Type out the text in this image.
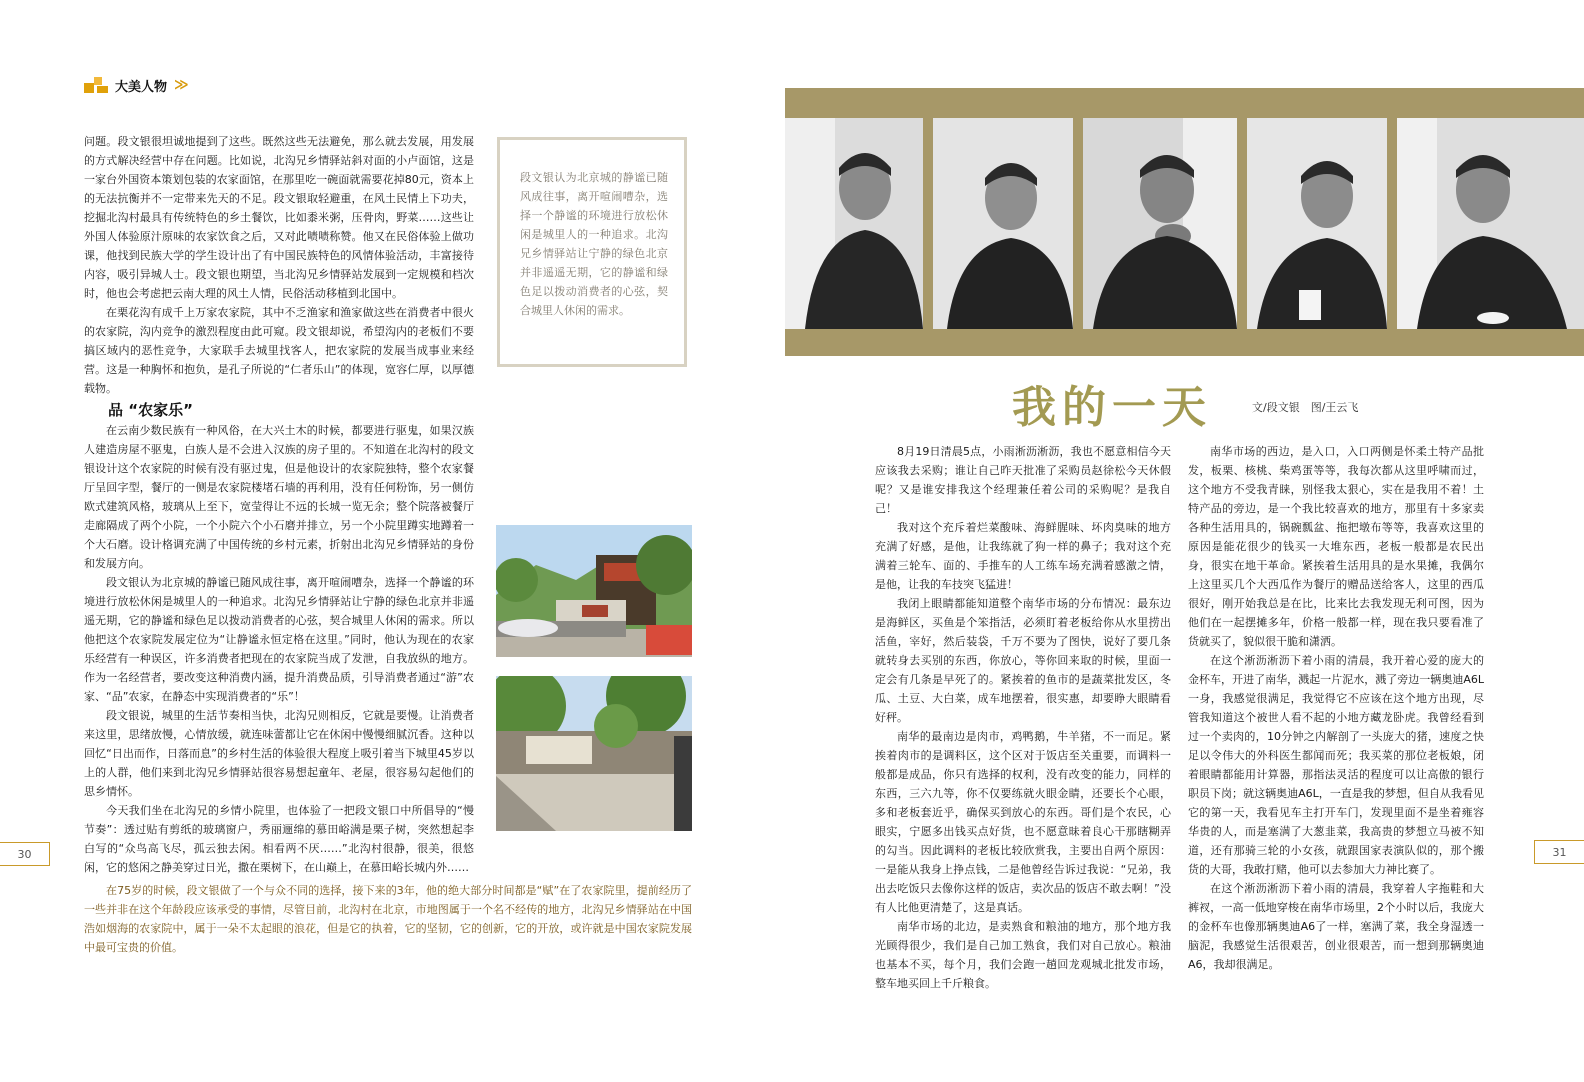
大美人物 ≫

问题。段文银很坦诚地提到了这些。既然这些无法避免，那么就去发展，用发展的方式解决经营中存在问题。比如说，北沟兄乡情驿站斜对面的小卢面馆，这是一家台外国资本策划包装的农家面馆，在那里吃一碗面就需要花掉80元，资本上的无法抗衡并不一定带来先天的不足。段文银取轻避重，在风土民情上下功夫，挖掘北沟村最具有传统特色的乡土餐饮，比如黍米粥，压骨肉，野菜……这些让外国人体验原汁原味的农家饮食之后，又对此啧啧称赞。他又在民俗体验上做功课，他找到民族大学的学生设计出了有中国民族特色的风情体验活动，丰富接待内容，吸引异城人士。段文银也期望，当北沟兄乡情驿站发展到一定规模和档次时，他也会考虑把云南大理的风土人情，民俗活动移植到北国中。

在栗花沟有成千上万家农家院，其中不乏渔家和渔家做这些在消费者中很火的农家院，沟内竞争的激烈程度由此可窥。段文银却说，希望沟内的老板们不要搞区域内的恶性竞争，大家联手去城里找客人，把农家院的发展当成事业来经营。这是一种胸怀和抱负，是孔子所说的“仁者乐山”的体现，宽容仁厚，以厚德载物。

段文银认为北京城的静谧已随风成往事，离开喧闹嘈杂，选择一个静谧的环境进行放松休闲是城里人的一种追求。北沟兄乡情驿站让宁静的绿色北京并非遥遥无期，它的静谧和绿色足以拨动消费者的心弦，契合城里人休闲的需求。
品 “农家乐”

在云南少数民族有一种风俗，在大兴土木的时候，都要进行驱鬼，如果汉族人建造房屋不驱鬼，白族人是不会进入汉族的房子里的。不知道在北沟村的段文银设计这个农家院的时候有没有驱过鬼，但是他设计的农家院独特，整个农家餐厅呈回字型，餐厅的一侧是农家院楼堵石墙的再利用，没有任何粉饰，另一侧仿欧式建筑风格，玻璃从上至下，宽莹得让不远的长城一览无余；整个院落被餐厅走廊隔成了两个小院，一个小院六个小石磨并排立，另一个小院里蹲实地蹲着一个大石磨。设计格调充满了中国传统的乡村元素，折射出北沟兄乡情驿站的身份和发展方向。

段文银认为北京城的静谧已随风成往事，离开喧闹嘈杂，选择一个静谧的环境进行放松休闲是城里人的一种追求。北沟兄乡情驿站让宁静的绿色北京并非遥遥无期，它的静谧和绿色足以拨动消费者的心弦，契合城里人休闲的需求。所以他把这个农家院发展定位为“让静谧永恒定格在这里。”同时，他认为现在的农家乐经营有一种误区，许多消费者把现在的农家院当成了发泄，自我放纵的地方。作为一名经营者，要改变这种消费内涵，提升消费品质，引导消费者通过“游”农家、“品”农家，在静态中实现消费者的“乐”！

段文银说，城里的生活节奏相当快，北沟兄则相反，它就是要慢。让消费者来这里，思绪放慢，心情放缓，就连味蕾都让它在休闲中慢慢细腻沉香。这种以回忆“日出而作，日落而息”的乡村生活的体验很大程度上吸引着当下城里45岁以上的人群，他们来到北沟兄乡情驿站很容易想起童年、老屋，很容易勾起他们的思乡情怀。

今天我们坐在北沟兄的乡情小院里，也体验了一把段文银口中所倡导的“慢节奏”：透过贴有剪纸的玻璃窗户，秀丽逦绵的慕田峪满是栗子树，突然想起李白写的“众鸟高飞尽，孤云独去闲。相看两不厌……”北沟村很静，很美，很悠闲，它的悠闲之静美穿过日光，撒在栗树下，在山巅上，在慕田峪长城内外……

在75岁的时候，段文银做了一个与众不同的选择，接下来的3年，他的绝大部分时间都是“赋”在了农家院里，提前经历了一些并非在这个年龄段应该承受的事情，尽管目前，北沟村在北京，市地图属于一个名不经传的地方，北沟兄乡情驿站在中国浩如烟海的农家院中，属于一朵不太起眼的浪花，但是它的执着，它的坚韧，它的创新，它的开放，或许就是中国农家院发展中最可宝贵的价值。

30
我的一天	文/段文银　图/王云飞

8月19日清晨5点，小雨淅沥淅沥，我也不愿意相信今天应该我去采购；谁让自己昨天批准了采购员赵徐松今天休假呢？又是谁安排我这个经理兼任着公司的采购呢？是我自己！

我对这个充斥着烂菜酸味、海鲜腥味、坏肉臭味的地方充满了好感，是他，让我练就了狗一样的鼻子；我对这个充满着三轮车、面的、手推车的人工练车场充满着感激之情，是他，让我的车技突飞猛进！

我闭上眼睛都能知道整个南华市场的分布情况：最东边是海鲜区，买鱼是个笨指活，必须盯着老板给你从水里捞出活鱼，宰好，然后装袋，千万不要为了图快，说好了要几条就转身去买别的东西，你放心，等你回来取的时候，里面一定会有几条是早死了的。紧挨着的鱼市的是蔬菜批发区，冬瓜、土豆、大白菜，成车地摆着，很实惠，却要睁大眼睛看好秤。

南华的最南边是肉市，鸡鸭鹅，牛羊猪，不一而足。紧挨着肉市的是调料区，这个区对于饭店至关重要，而调料一般都是成品，你只有选择的权利，没有改变的能力，同样的东西，三六九等，你不仅要练就火眼金睛，还要长个心眼，多和老板套近乎，确保买到放心的东西。哥们是个农民，心眼实，宁愿多出钱买点好货，也不愿意昧着良心干那瞎糊弄的勾当。因此调料的老板比较欣赏我，主要出自两个原因：一是能从我身上挣点钱，二是他曾经告诉过我说：“兄弟，我出去吃饭只去像你这样的饭店，卖次品的饭店不敢去啊！”没有人比他更清楚了，这是真话。

南华市场的北边，是卖熟食和粮油的地方，那个地方我光顾得很少，我们是自己加工熟食，我们对自己放心。粮油也基本不买，每个月，我们会跑一趟回龙观城北批发市场，整车地买回上千斤粮食。

南华市场的西边，是入口，入口两侧是怀柔土特产品批发，板栗、核桃、柴鸡蛋等等，我每次都从这里呼啸而过，这个地方不受我青睐，别怪我太狠心，实在是我用不着！土特产品的旁边，是一个我比较喜欢的地方，那里有十多家卖各种生活用具的，锅碗瓢盆、拖把墩布等等，我喜欢这里的原因是能花很少的钱买一大堆东西，老板一般都是农民出身，很实在地干革命。紧挨着生活用具的是水果摊，我偶尔上这里买几个大西瓜作为餐厅的赠品送给客人，这里的西瓜很好，刚开始我总是在比，比来比去我发现无利可图，因为他们在一起摆摊多年，价格一般都一样，现在我只要看准了货就买了，貌似很干脆和潇洒。

在这个淅沥淅沥下着小雨的清晨，我开着心爱的庞大的金杯车，开进了南华，溅起一片泥水，溅了旁边一辆奥迪A6L一身，我感觉很满足，我觉得它不应该在这个地方出现，尽管我知道这个被世人看不起的小地方藏龙卧虎。我曾经看到过一个卖肉的，10分钟之内解剖了一头庞大的猪，速度之快足以令伟大的外科医生都闻而死；我买菜的那位老板娘，闭着眼睛都能用计算器，那指法灵活的程度可以让高傲的银行职员下岗；就这辆奥迪A6L，一直是我的梦想，但自从我看见它的第一天，我看见车主打开车门，发现里面不是坐着雍容华贵的人，而是塞满了大葱韭菜，我高贵的梦想立马被不知道，还有那骑三轮的小女孩，就跟国家表演队似的，那个搬货的大哥，我敢打赌，他可以去参加大力神比赛了。

在这个淅沥淅沥下着小雨的清晨，我穿着人字拖鞋和大裤衩，一高一低地穿梭在南华市场里，2个小时以后，我庞大的金杯车也像那辆奥迪A6了一样，塞满了菜，我全身湿透一脑泥，我感觉生活很艰苦，创业很艰苦，而一想到那辆奥迪A6，我却很满足。

31
